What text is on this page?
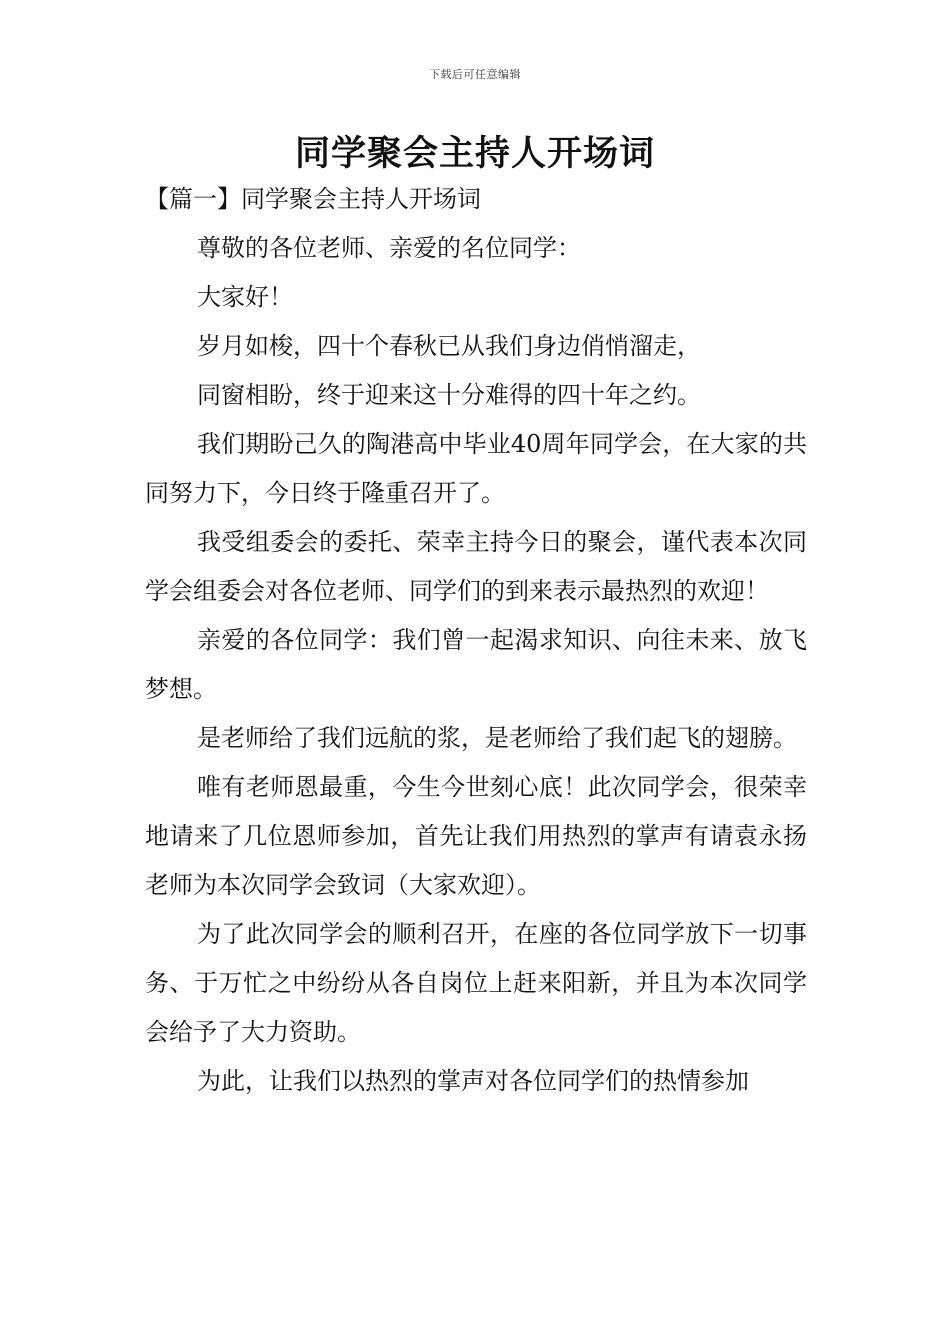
下载后可任意编辑
同学聚会主持人开场词
【篇一】同学聚会主持人开场词

尊敬的各位老师、亲爱的名位同学：

大家好！

岁月如梭，四十个春秋已从我们身边俏悄溜走，

同窗相盼，终于迎来这十分难得的四十年之约。

我们期盼己久的陶港高中毕业40周年同学会，在大家的共同努力下，今日终于隆重召开了。

我受组委会的委托、荣幸主持今日的聚会，谨代表本次同学会组委会对各位老师、同学们的到来表示最热烈的欢迎！

亲爱的各位同学：我们曾一起渴求知识、向往未来、放飞梦想。

是老师给了我们远航的浆，是老师给了我们起飞的翅膀。

唯有老师恩最重，今生今世刻心底！此次同学会，很荣幸地请来了几位恩师参加，首先让我们用热烈的掌声有请袁永扬老师为本次同学会致词（大家欢迎）。

为了此次同学会的顺利召开，在座的各位同学放下一切事务、于万忙之中纷纷从各自岗位上赶来阳新，并且为本次同学会给予了大力资助。

为此，让我们以热烈的掌声对各位同学们的热情参加
